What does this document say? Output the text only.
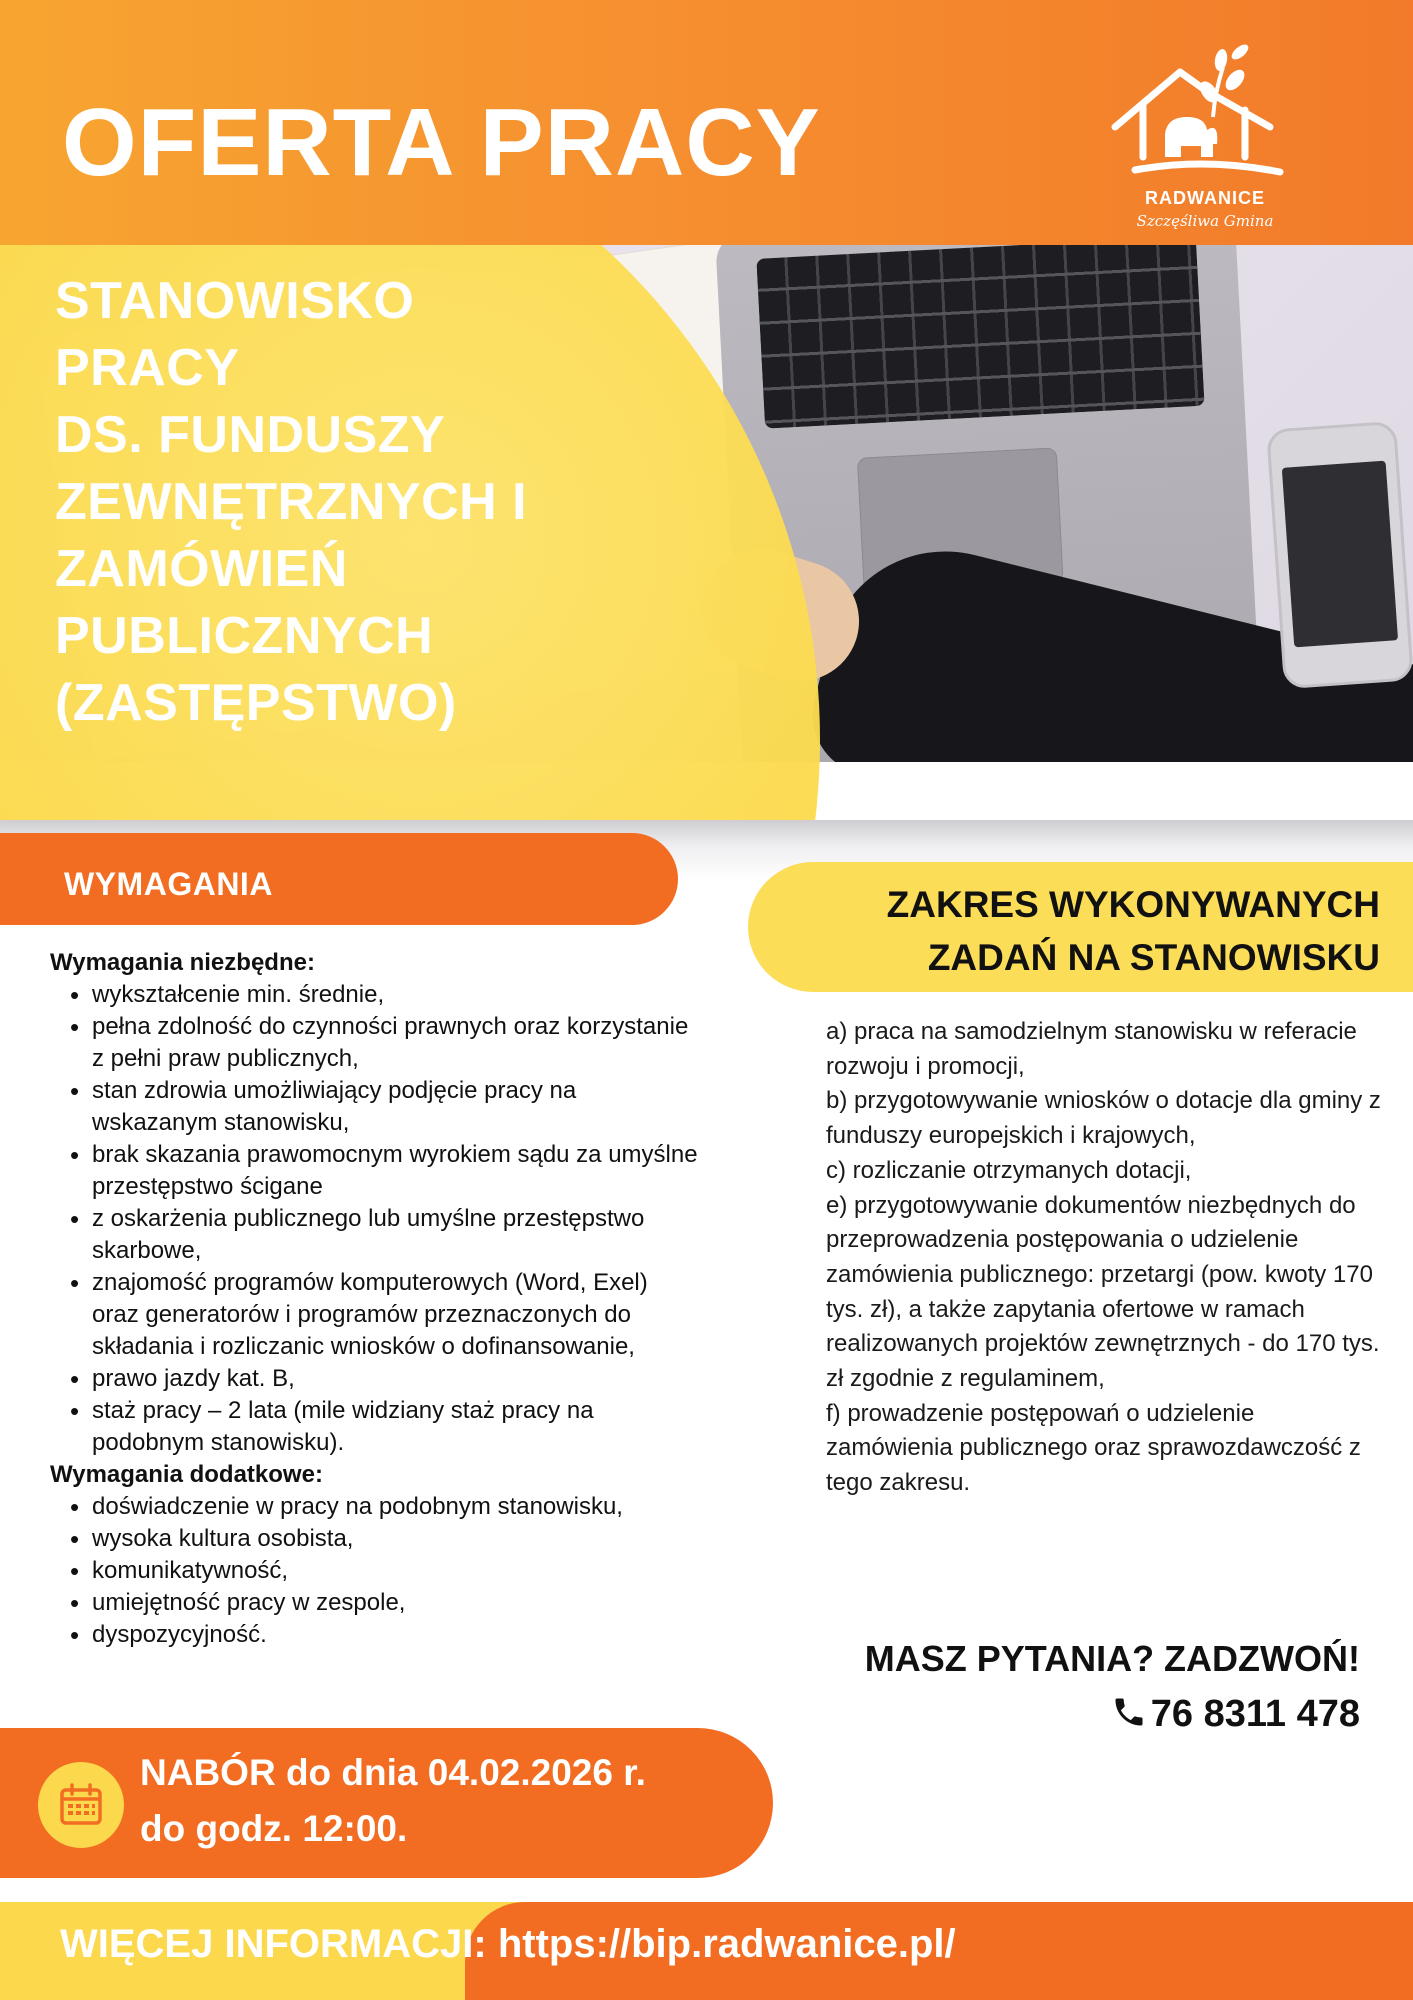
OFERTA PRACY
RADWANICE
Szczęśliwa Gmina
STANOWISKO
PRACY
DS. FUNDUSZY
ZEWNĘTRZNYCH I
ZAMÓWIEŃ
PUBLICZNYCH
(ZASTĘPSTWO)
WYMAGANIA	ZAKRES WYKONYWANYCH
ZADAŃ NA STANOWISKU
Wymagania niezbędne:
• wykształcenie min. średnie,
• pełna zdolność do czynności prawnych oraz korzystanie z pełni praw publicznych,
• stan zdrowia umożliwiający podjęcie pracy na wskazanym stanowisku,
• brak skazania prawomocnym wyrokiem sądu za umyślne przestępstwo ścigane
• z oskarżenia publicznego lub umyślne przestępstwo skarbowe,
• znajomość programów komputerowych (Word, Exel) oraz generatorów i programów przeznaczonych do składania i rozliczanic wniosków o dofinansowanie,
• prawo jazdy kat. B,
• staż pracy – 2 lata (mile widziany staż pracy na podobnym stanowisku).
Wymagania dodatkowe:
• doświadczenie w pracy na podobnym stanowisku,
• wysoka kultura osobista,
• komunikatywność,
• umiejętność pracy w zespole,
• dyspozycyjność.

a) praca na samodzielnym stanowisku w referacie rozwoju i promocji,

b) przygotowywanie wniosków o dotacje dla gminy z funduszy europejskich i krajowych,

c) rozliczanie otrzymanych dotacji,

e) przygotowywanie dokumentów niezbędnych do przeprowadzenia postępowania o udzielenie zamówienia publicznego: przetargi (pow. kwoty 170 tys. zł), a także zapytania ofertowe w ramach realizowanych projektów zewnętrznych - do 170 tys. zł zgodnie z regulaminem,

f) prowadzenie postępowań o udzielenie zamówienia publicznego oraz sprawozdawczość z tego zakresu.

MASZ PYTANIA? ZADZWOŃ!
76 8311 478
NABÓR do dnia 04.02.2026 r.
do godz. 12:00.
WIĘCEJ INFORMACJI: https://bip.radwanice.pl/
